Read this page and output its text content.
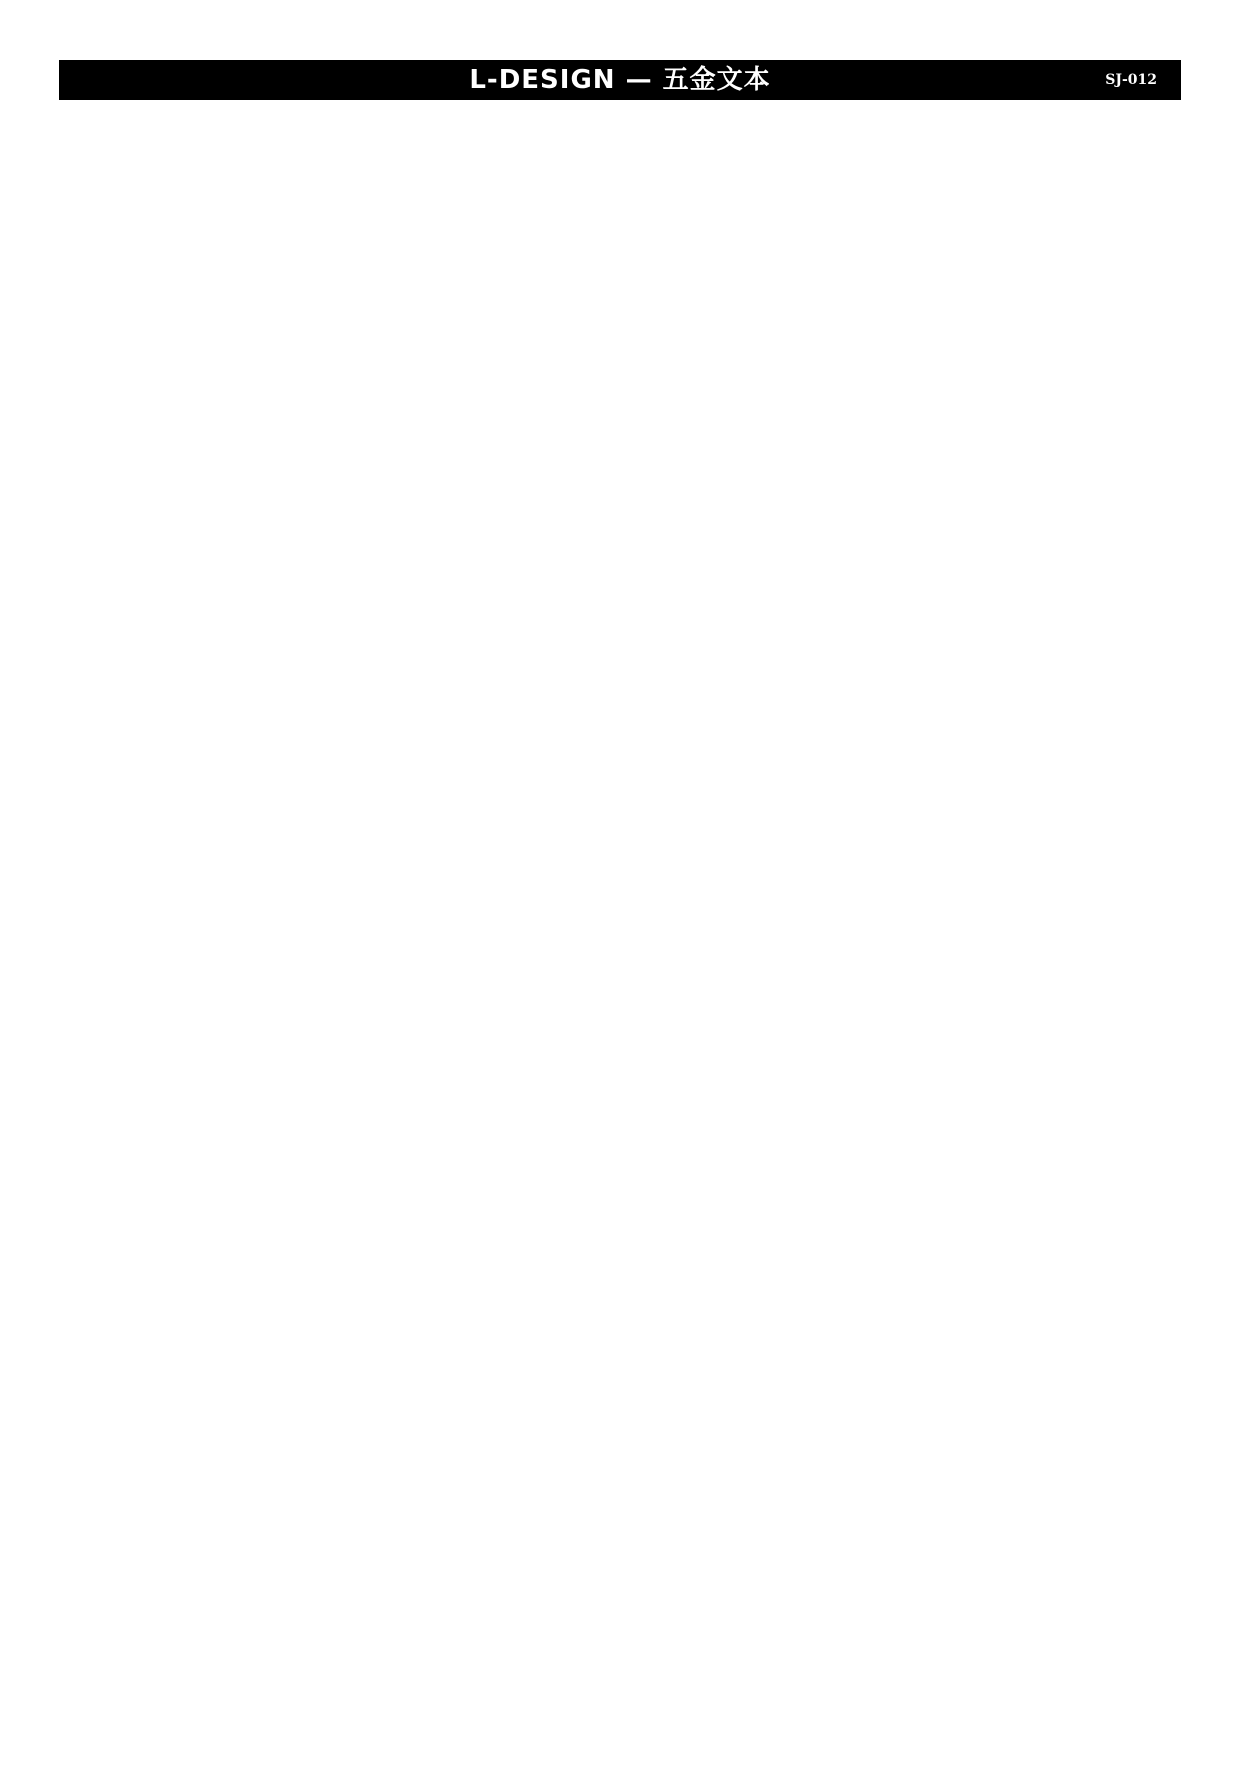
L-DESIGN — 五金文本	SJ-012
